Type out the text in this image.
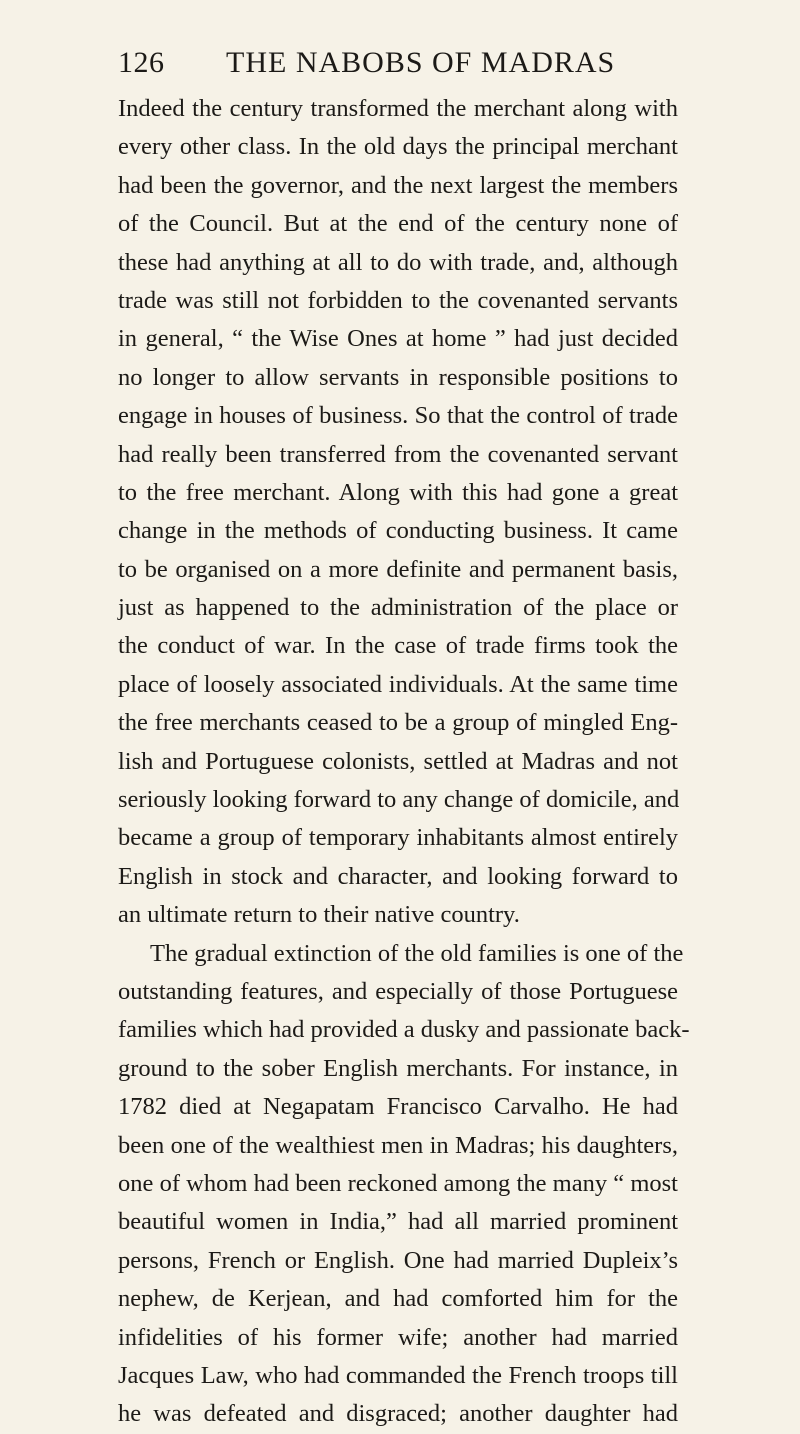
126 THE NABOBS OF MADRAS
Indeed the century transformed the merchant along with
every other class. In the old days the principal merchant
had been the governor, and the next largest the members
of the Council. But at the end of the century none of
these had anything at all to do with trade, and, although
trade was still not forbidden to the covenanted servants
in general, “ the Wise Ones at home ” had just decided
no longer to allow servants in responsible positions to
engage in houses of business. So that the control of trade
had really been transferred from the covenanted servant
to the free merchant. Along with this had gone a great
change in the methods of conducting business. It came
to be organised on a more definite and permanent basis,
just as happened to the administration of the place or
the conduct of war. In the case of trade firms took the
place of loosely associated individuals. At the same time
the free merchants ceased to be a group of mingled Eng-
lish and Portuguese colonists, settled at Madras and not
seriously looking forward to any change of domicile, and
became a group of temporary inhabitants almost entirely
English in stock and character, and looking forward to
an ultimate return to their native country.
The gradual extinction of the old families is one of the
outstanding features, and especially of those Portuguese
families which had provided a dusky and passionate back-
ground to the sober English merchants. For instance, in
1782 died at Negapatam Francisco Carvalho. He had
been one of the wealthiest men in Madras; his daughters,
one of whom had been reckoned among the many “ most
beautiful women in India,” had all married prominent
persons, French or English. One had married Dupleix’s
nephew, de Kerjean, and had comforted him for the
infidelities of his former wife; another had married
Jacques Law, who had commanded the French troops till
he was defeated and disgraced; another daughter had
